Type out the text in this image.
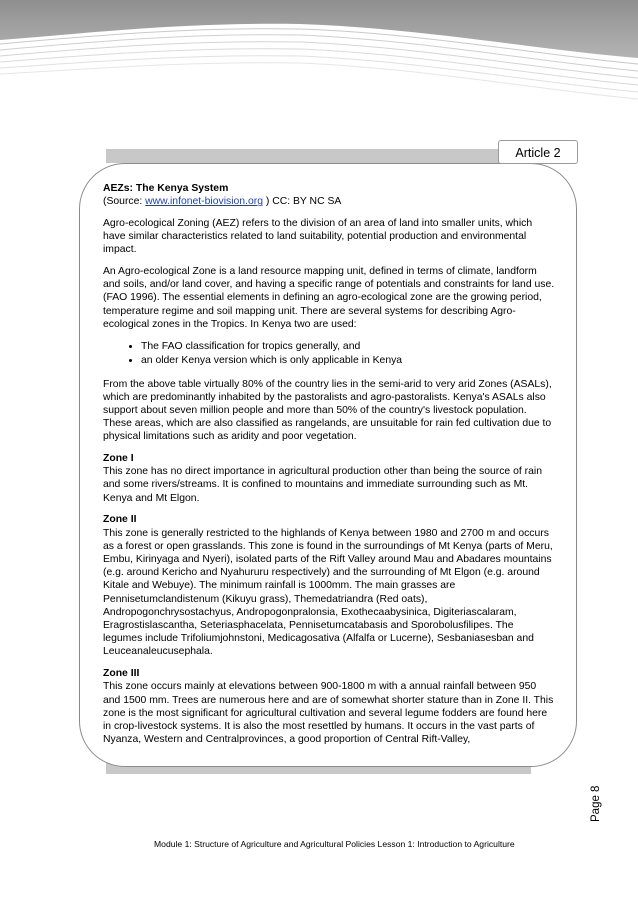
Article 2

AEZs: The Kenya System

(Source: www.infonet-biovision.org ) CC: BY NC SA

Agro-ecological Zoning (AEZ) refers to the division of an area of land into smaller units, which have similar characteristics related to land suitability, potential production and environmental impact.

An Agro-ecological Zone is a land resource mapping unit, defined in terms of climate, landform and soils, and/or land cover, and having a specific range of potentials and constraints for land use. (FAO 1996). The essential elements in defining an agro-ecological zone are the growing period, temperature regime and soil mapping unit. There are several systems for describing Agro-ecological zones in the Tropics. In Kenya two are used:

• The FAO classification for tropics generally, and
• an older Kenya version which is only applicable in Kenya

From the above table virtually 80% of the country lies in the semi-arid to very arid Zones (ASALs), which are predominantly inhabited by the pastoralists and agro-pastoralists. Kenya's ASALs also support about seven million people and more than 50% of the country's livestock population. These areas, which are also classified as rangelands, are unsuitable for rain fed cultivation due to physical limitations such as aridity and poor vegetation.

Zone I

This zone has no direct importance in agricultural production other than being the source of rain and some rivers/streams. It is confined to mountains and immediate surrounding such as Mt. Kenya and Mt Elgon.

Zone II

This zone is generally restricted to the highlands of Kenya between 1980 and 2700 m and occurs as a forest or open grasslands. This zone is found in the surroundings of Mt Kenya (parts of Meru, Embu, Kirinyaga and Nyeri), isolated parts of the Rift Valley around Mau and Abadares mountains (e.g. around Kericho and Nyahururu respectively) and the surrounding of Mt Elgon (e.g. around Kitale and Webuye). The minimum rainfall is 1000mm. The main grasses are Pennisetumclandistenum (Kikuyu grass), Themedatriandra (Red oats), Andropogonchrysostachyus, Andropogonpralonsia, Exothecaabysinica, Digiteriascalaram, Eragrostislascantha, Seteriasphacelata, Pennisetumcatabasis and Sporobolusfilipes. The legumes include Trifoliumjohnstoni, Medicagosativa (Alfalfa or Lucerne), Sesbaniasesban and Leuceanaleucusephala.

Zone III

This zone occurs mainly at elevations between 900-1800 m with a annual rainfall between 950 and 1500 mm. Trees are numerous here and are of somewhat shorter stature than in Zone II. This zone is the most significant for agricultural cultivation and several legume fodders are found here in crop-livestock systems. It is also the most resettled by humans. It occurs in the vast parts of Nyanza, Western and Centralprovinces, a good proportion of Central Rift-Valley,

Page 8
Module 1: Structure of Agriculture and Agricultural Policies Lesson 1: Introduction to Agriculture
